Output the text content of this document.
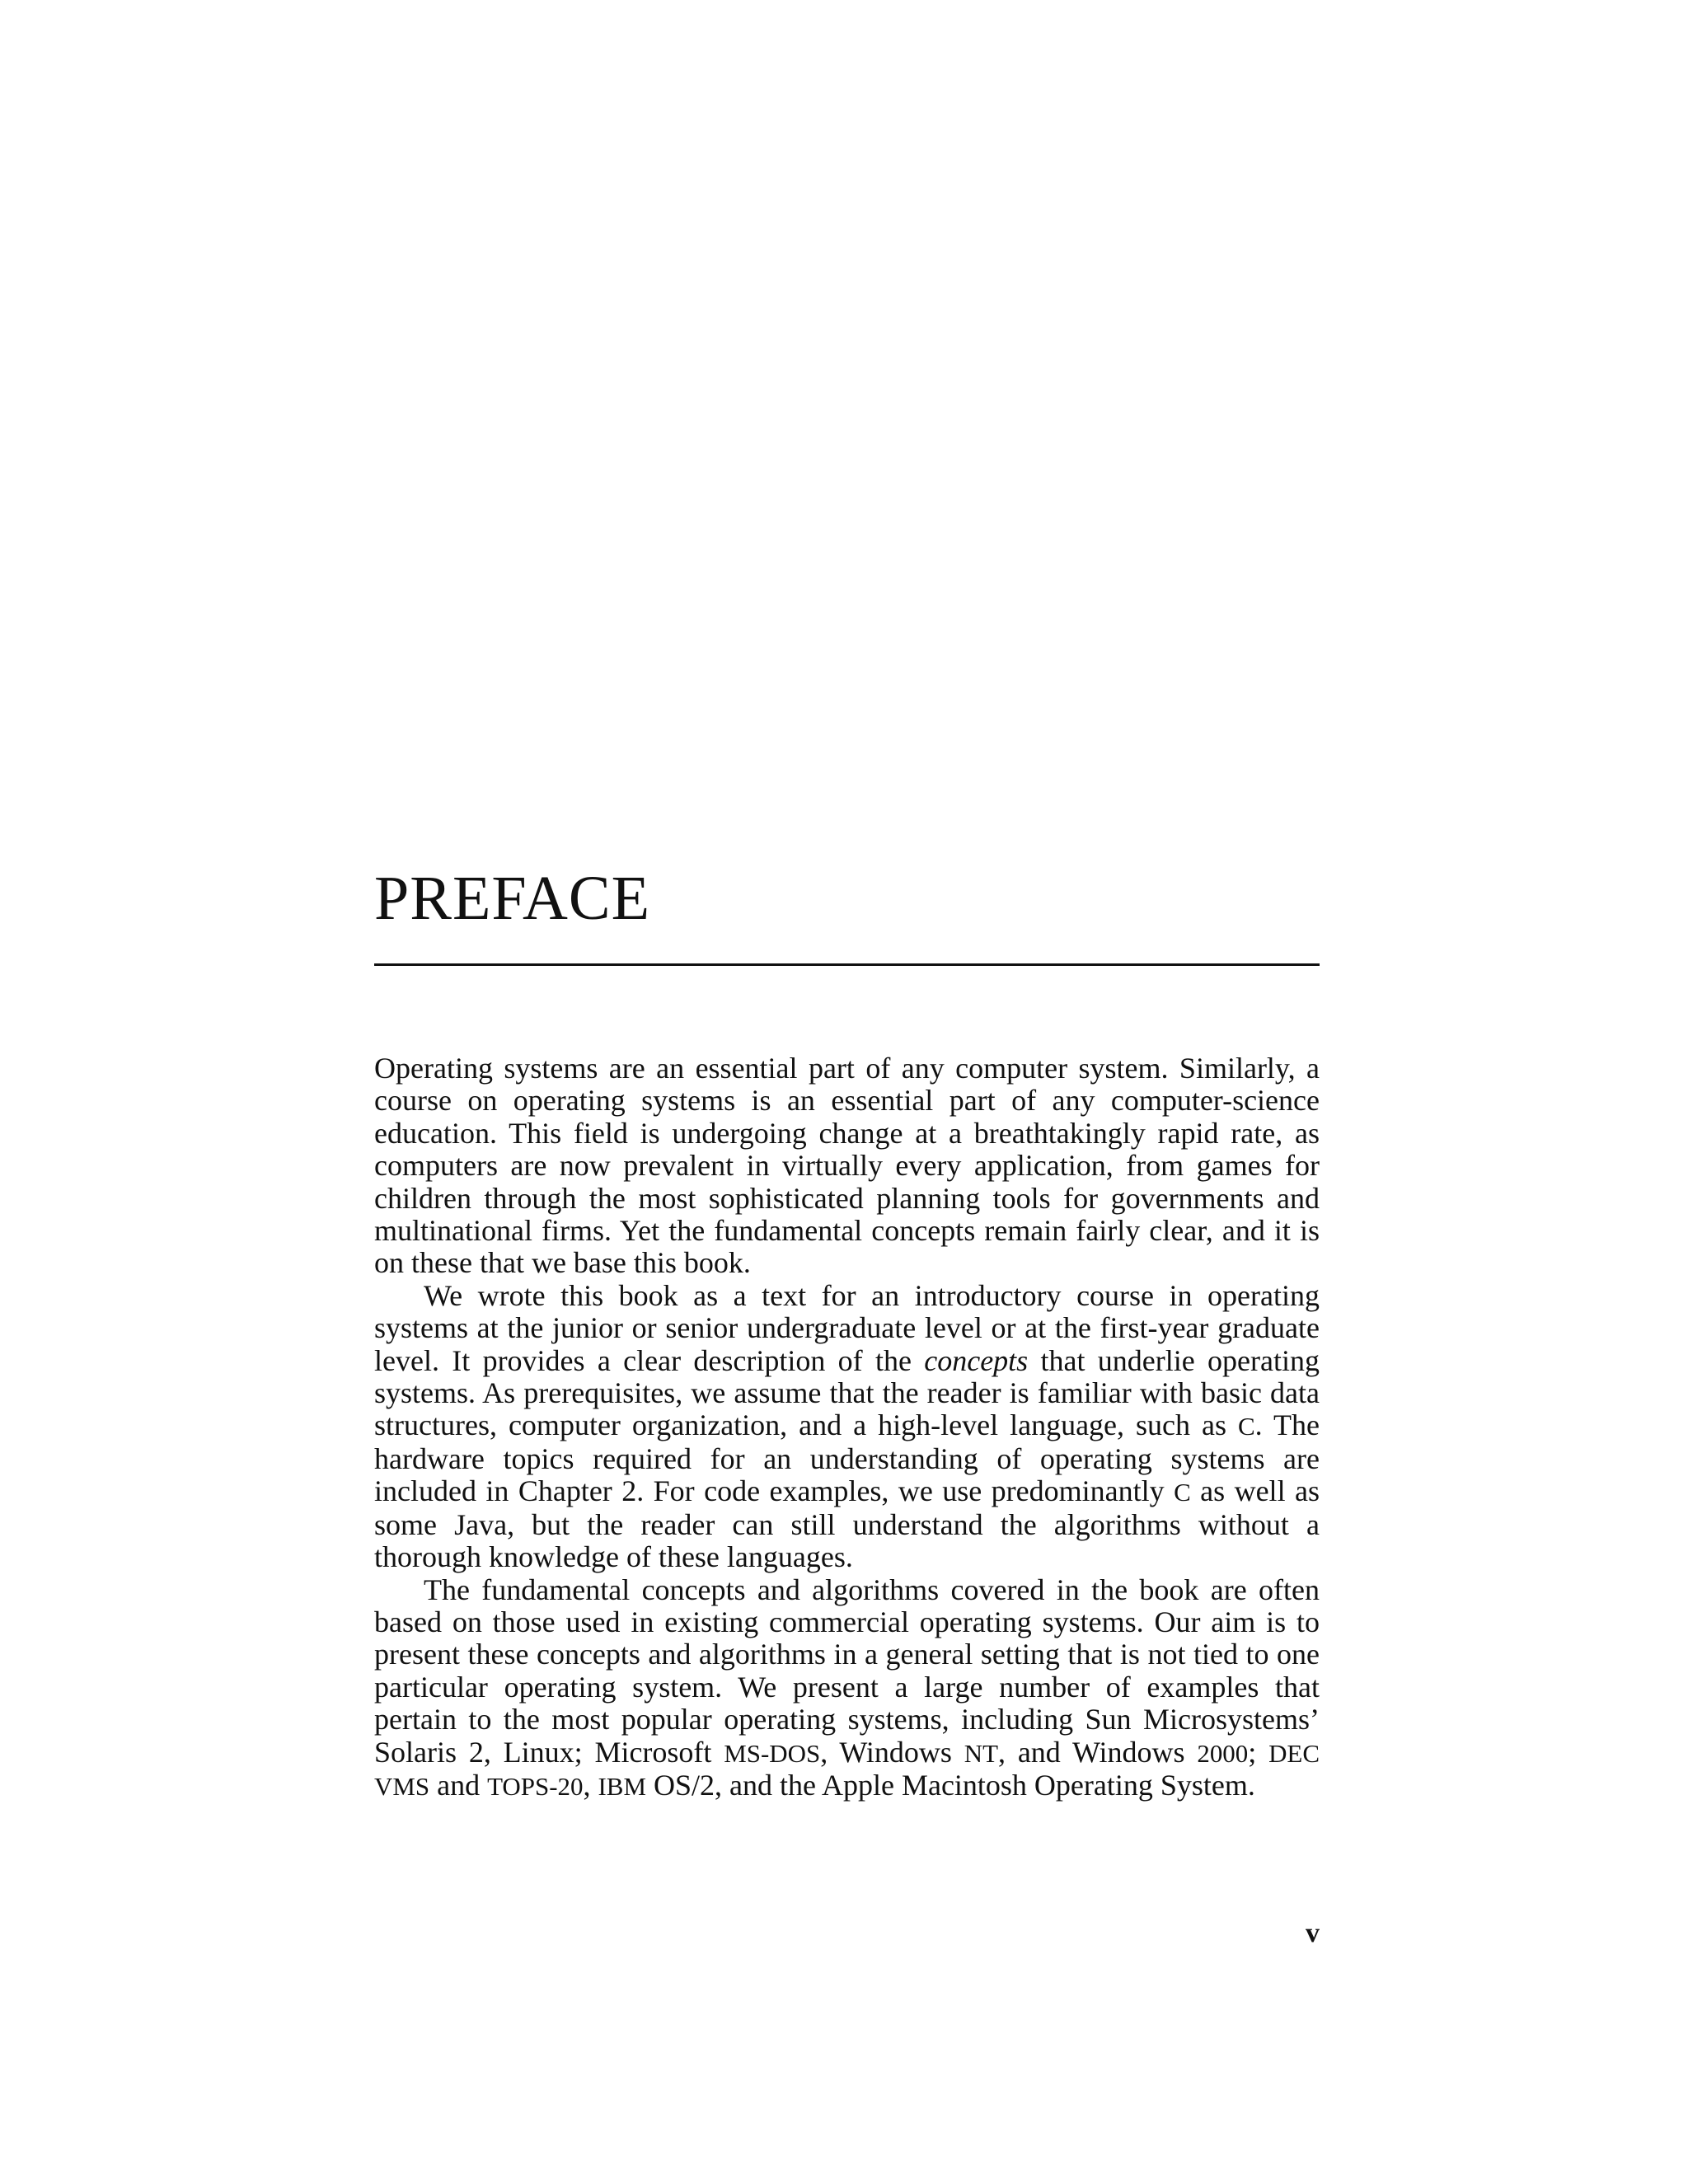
PREFACE

Operating systems are an essential part of any computer system. Similarly, a course on operating systems is an essential part of any computer-science education. This field is undergoing change at a breathtakingly rapid rate, as computers are now prevalent in virtually every application, from games for children through the most sophisticated planning tools for governments and multinational firms. Yet the fundamental concepts remain fairly clear, and it is on these that we base this book.

We wrote this book as a text for an introductory course in operating systems at the junior or senior undergraduate level or at the first-year graduate level. It provides a clear description of the concepts that underlie operating systems. As prerequisites, we assume that the reader is familiar with basic data structures, computer organization, and a high-level language, such as C. The hardware topics required for an understanding of operating systems are included in Chapter 2. For code examples, we use predominantly C as well as some Java, but the reader can still understand the algorithms without a thorough knowledge of these languages.

The fundamental concepts and algorithms covered in the book are often based on those used in existing commercial operating systems. Our aim is to present these concepts and algorithms in a general setting that is not tied to one particular operating system. We present a large number of examples that pertain to the most popular operating systems, including Sun Microsystems’ Solaris 2, Linux; Microsoft MS-DOS, Windows NT, and Windows 2000; DEC VMS and TOPS-20, IBM OS/2, and the Apple Macintosh Operating System.

v
